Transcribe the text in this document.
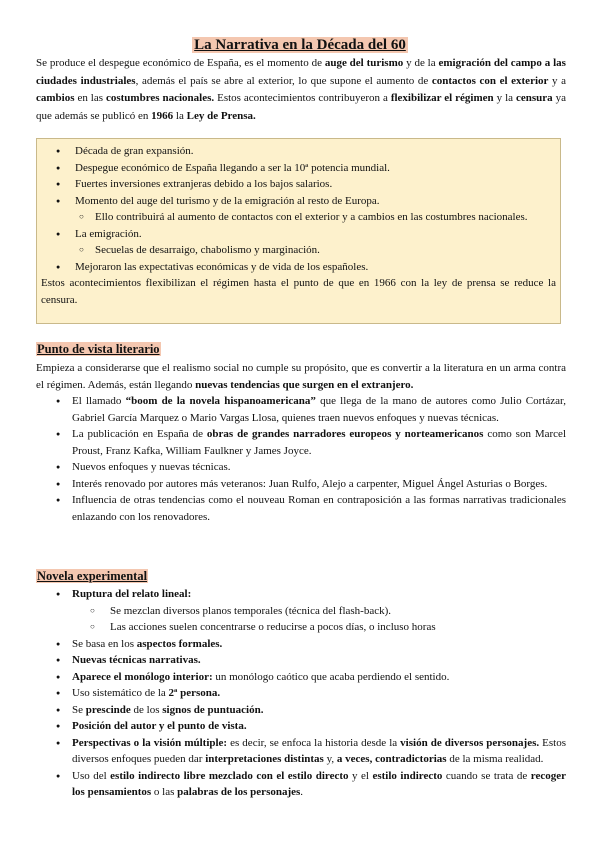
La Narrativa en la Década del 60

Se produce el despegue económico de España, es el momento de auge del turismo y de la emigración del campo a las ciudades industriales, además el país se abre al exterior, lo que supone el aumento de contactos con el exterior y a cambios en las costumbres nacionales. Estos acontecimientos contribuyeron a flexibilizar el régimen y la censura ya que además se publicó en 1966 la Ley de Prensa.

● Década de gran expansión.
● Despegue económico de España llegando a ser la 10ª potencia mundial.
● Fuertes inversiones extranjeras debido a los bajos salarios.
● Momento del auge del turismo y de la emigración al resto de Europa.
○ Ello contribuirá al aumento de contactos con el exterior y a cambios en las costumbres nacionales.
● La emigración.
○ Secuelas de desarraigo, chabolismo y marginación.
● Mejoraron las expectativas económicas y de vida de los españoles.
Estos acontecimientos flexibilizan el régimen hasta el punto de que en 1966 con la ley de prensa se reduce la censura.
Punto de vista literario

Empieza a considerarse que el realismo social no cumple su propósito, que es convertir a la literatura en un arma contra el régimen. Además, están llegando nuevas tendencias que surgen en el extranjero.

● El llamado “boom de la novela hispanoamericana” que llega de la mano de autores como Julio Cortázar, Gabriel García Marquez o Mario Vargas Llosa, quienes traen nuevos enfoques y nuevas técnicas.
● La publicación en España de obras de grandes narradores europeos y norteamericanos como son Marcel Proust, Franz Kafka, William Faulkner y James Joyce.
● Nuevos enfoques y nuevas técnicas.
● Interés renovado por autores más veteranos: Juan Rulfo, Alejo a carpenter, Miguel Ángel Asturias o Borges.
● Influencia de otras tendencias como el nouveau Roman en contraposición a las formas narrativas tradicionales enlazando con los renovadores.
Novela experimental
● Ruptura del relato lineal:
○ Se mezclan diversos planos temporales (técnica del flash-back).
○ Las acciones suelen concentrarse o reducirse a pocos días, o incluso horas
● Se basa en los aspectos formales.
● Nuevas técnicas narrativas.
● Aparece el monólogo interior: un monólogo caótico que acaba perdiendo el sentido.
● Uso sistemático de la 2ª persona.
● Se prescinde de los signos de puntuación.
● Posición del autor y el punto de vista.
● Perspectivas o la visión múltiple: es decir, se enfoca la historia desde la visión de diversos personajes. Estos diversos enfoques pueden dar interpretaciones distintas y, a veces, contradictorias de la misma realidad.
● Uso del estilo indirecto libre mezclado con el estilo directo y el estilo indirecto cuando se trata de recoger los pensamientos o las palabras de los personajes.
